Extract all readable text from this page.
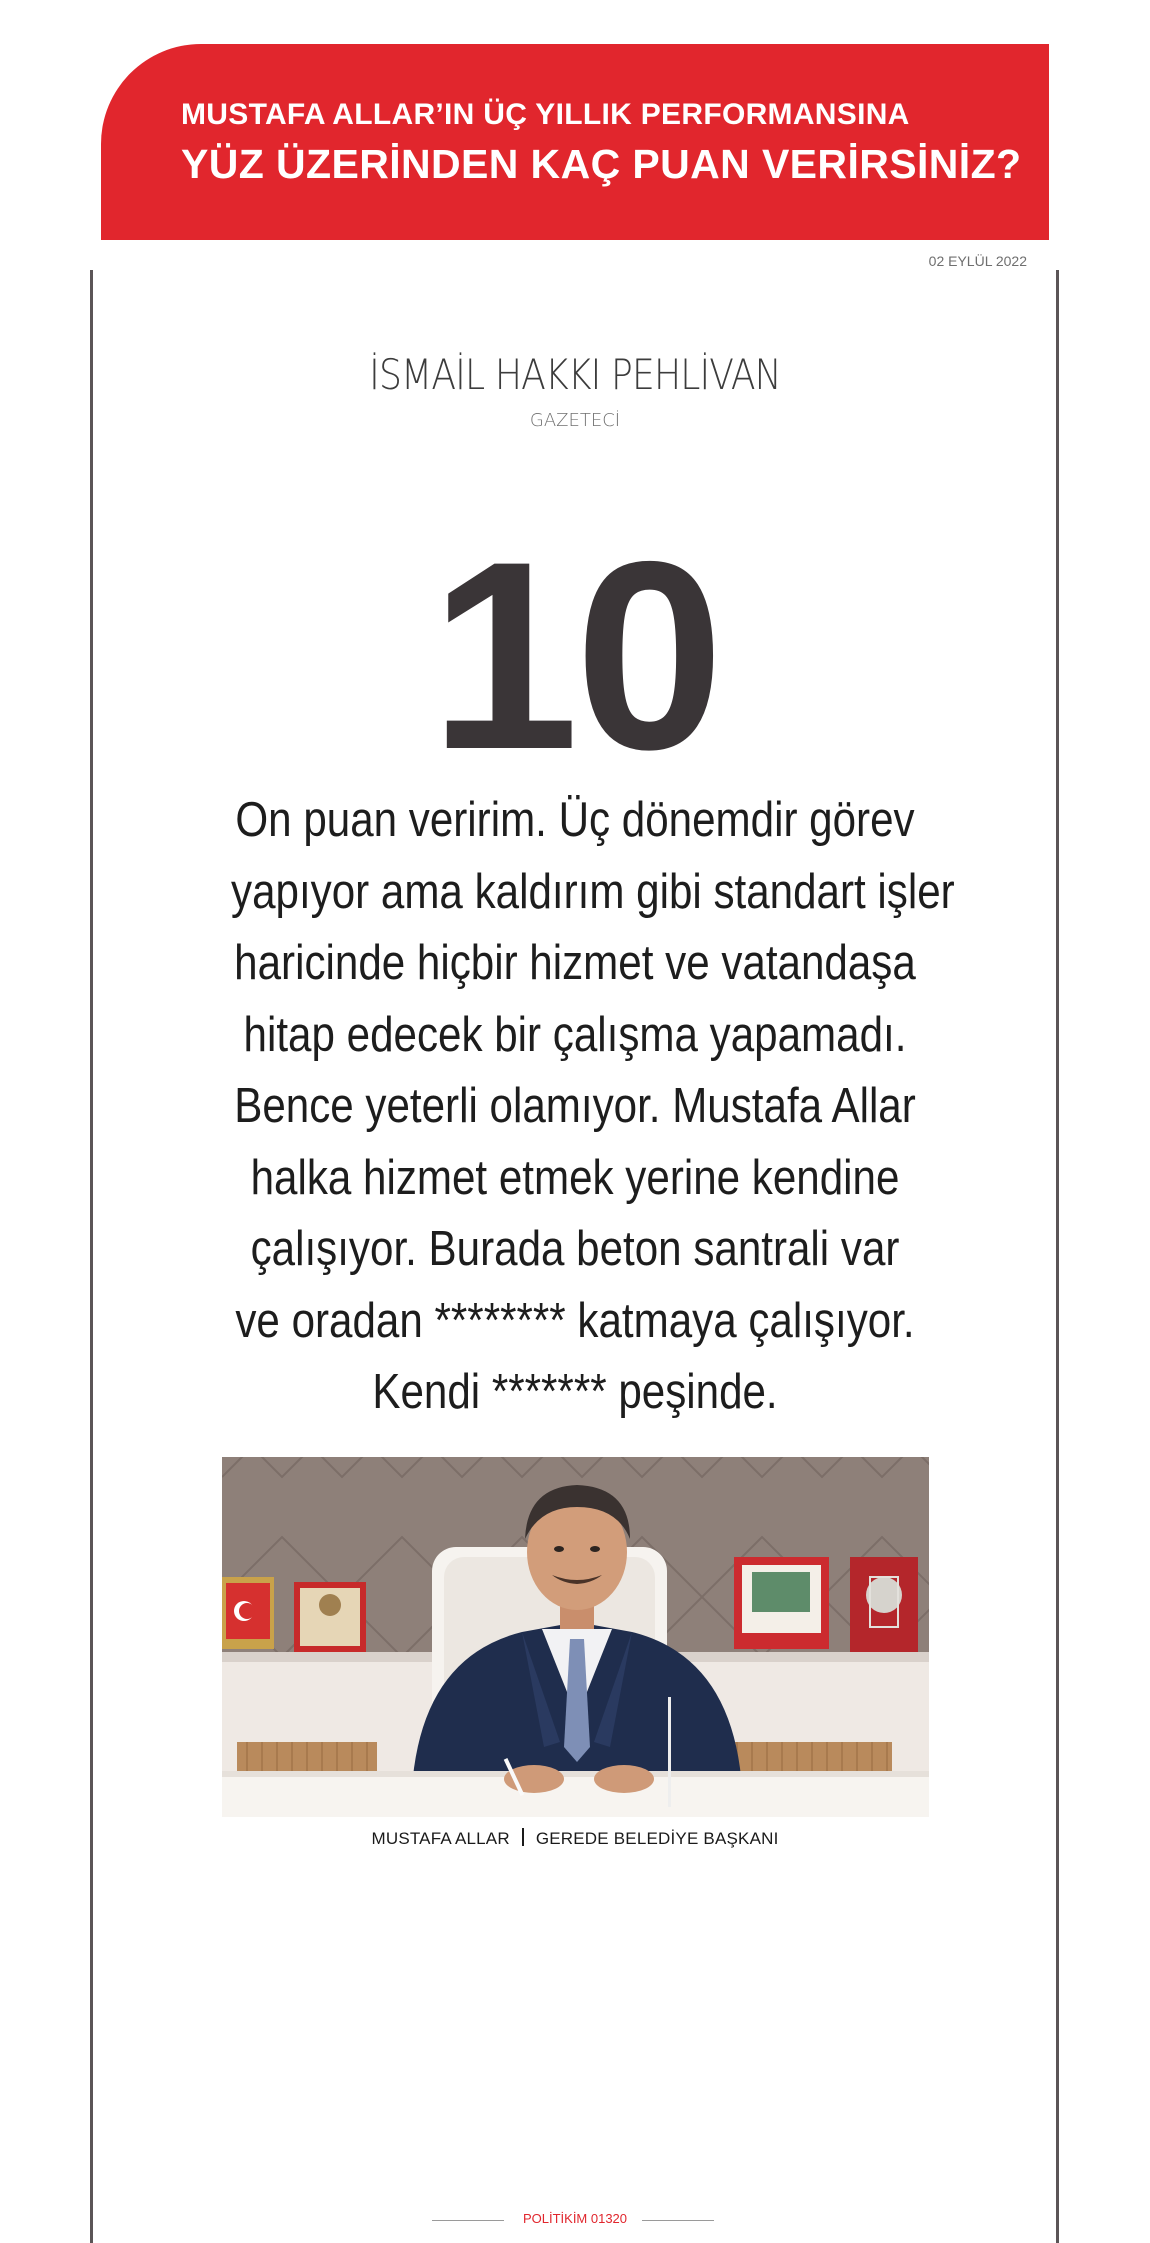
MUSTAFA ALLAR’IN ÜÇ YILLIK PERFORMANSINA
YÜZ ÜZERİNDEN KAÇ PUAN VERİRSİNİZ?
02 EYLÜL 2022
İSMAİL HAKKI PEHLİVAN
GAZETECİ
10
On puan veririm. Üç dönemdir görev
yapıyor ama kaldırım gibi standart işler
haricinde hiçbir hizmet ve vatandaşa
hitap edecek bir çalışma yapamadı.
Bence yeterli olamıyor. Mustafa Allar
halka hizmet etmek yerine kendine
çalışıyor. Burada beton santrali var
ve oradan ******** katmaya çalışıyor.
Kendi ******* peşinde.
MUSTAFA ALLAR GEREDE BELEDİYE BAŞKANI
POLİTİKİM 01320
